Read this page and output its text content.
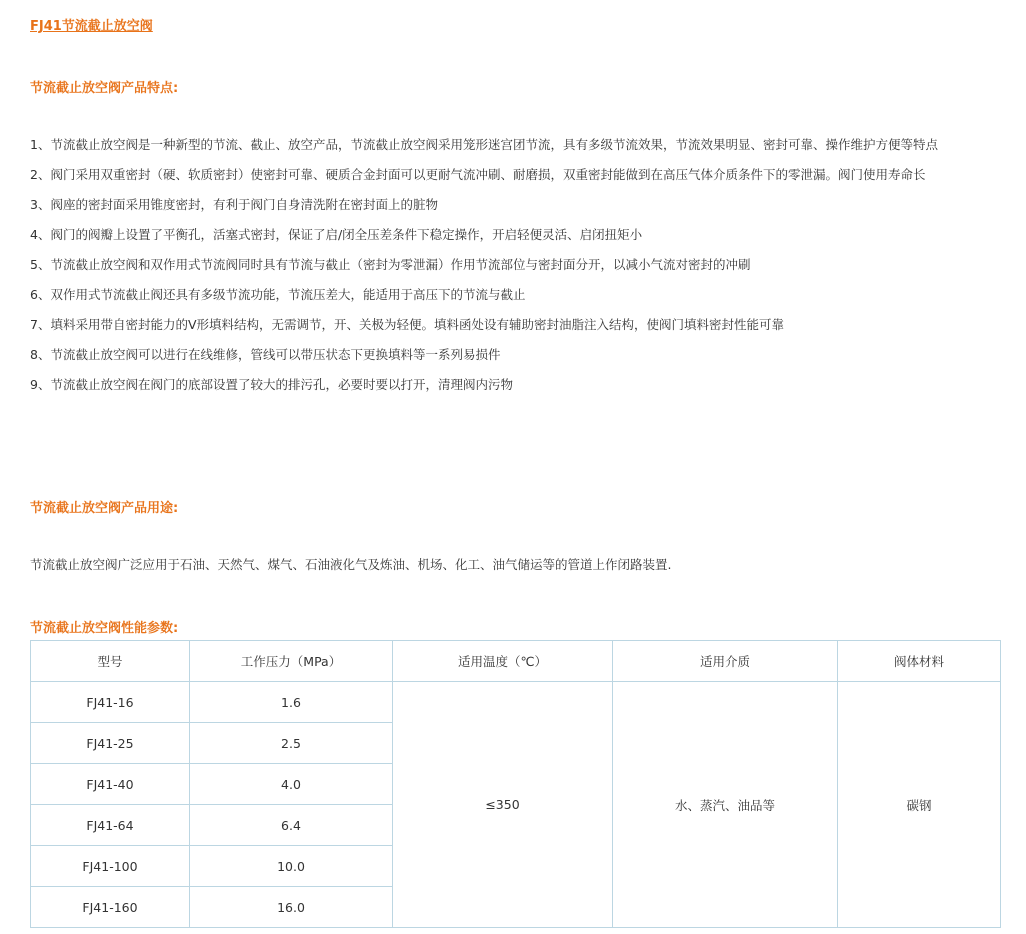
FJ41节流截止放空阀
节流截止放空阀产品特点:

1、节流截止放空阀是一种新型的节流、截止、放空产品，节流截止放空阀采用笼形迷宫团节流，具有多级节流效果，节流效果明显、密封可靠、操作维护方便等特点

2、阀门采用双重密封（硬、软质密封）使密封可靠、硬质合金封面可以更耐气流冲刷、耐磨损，双重密封能做到在高压气体介质条件下的零泄漏。阀门使用寿命长

3、阀座的密封面采用锥度密封，有利于阀门自身清洗附在密封面上的脏物

4、阀门的阀瓣上设置了平衡孔，活塞式密封，保证了启/闭全压差条件下稳定操作，开启轻便灵活、启闭扭矩小

5、节流截止放空阀和双作用式节流阀同时具有节流与截止（密封为零泄漏）作用节流部位与密封面分开，以减小气流对密封的冲刷

6、双作用式节流截止阀还具有多级节流功能，节流压差大，能适用于高压下的节流与截止

7、填料采用带自密封能力的V形填料结构，无需调节，开、关极为轻便。填料函处设有辅助密封油脂注入结构，使阀门填料密封性能可靠

8、节流截止放空阀可以进行在线维修，管线可以带压状态下更换填料等一系列易损件

9、节流截止放空阀在阀门的底部设置了较大的排污孔，必要时要以打开，清理阀内污物

节流截止放空阀产品用途:
节流截止放空阀广泛应用于石油、天然气、煤气、石油液化气及炼油、机场、化工、油气储运等的管道上作闭路装置.
节流截止放空阀性能参数:
型号	工作压力（MPa）	适用温度（℃）	适用介质	阀体材料
FJ41-16	1.6	≤350	水、蒸汽、油品等	碳钢
FJ41-25	2.5			
FJ41-40	4.0			
FJ41-64	6.4			
FJ41-100	10.0			
FJ41-160	16.0			
